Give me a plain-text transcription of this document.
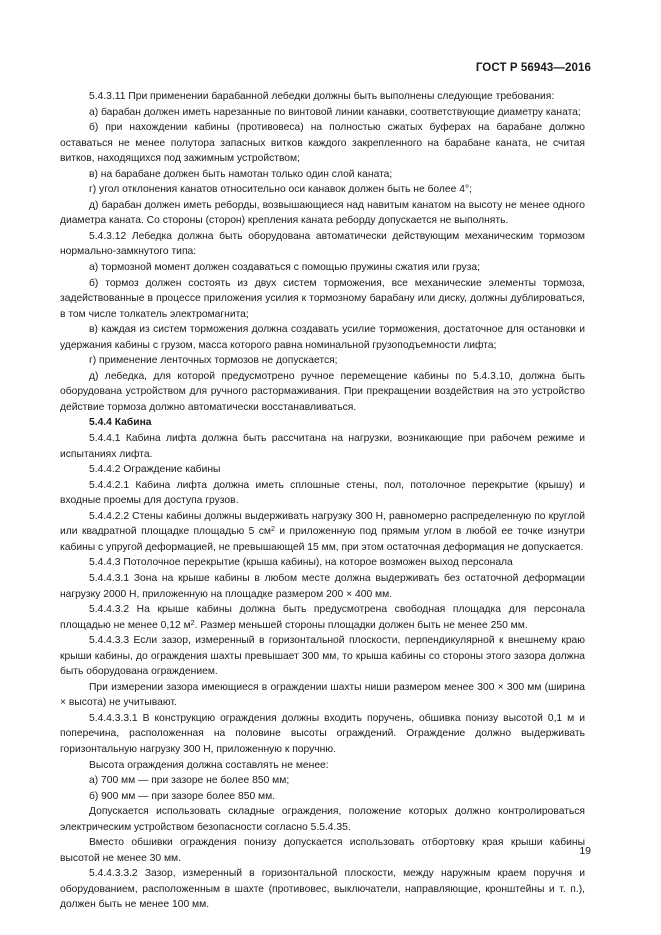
ГОСТ Р 56943—2016

5.4.3.11 При применении барабанной лебедки должны быть выполнены следующие требования:

а) барабан должен иметь нарезанные по винтовой линии канавки, соответствующие диаметру каната;

б) при нахождении кабины (противовеса) на полностью сжатых буферах на барабане должно оставаться не менее полутора запасных витков каждого закрепленного на барабане каната, не считая витков, находящихся под зажимным устройством;

в) на барабане должен быть намотан только один слой каната;

г) угол отклонения канатов относительно оси канавок должен быть не более 4°;

д) барабан должен иметь реборды, возвышающиеся над навитым канатом на высоту не менее одного диаметра каната. Со стороны (сторон) крепления каната реборду допускается не выполнять.

5.4.3.12 Лебедка должна быть оборудована автоматически действующим механическим тормозом нормально-замкнутого типа:

а) тормозной момент должен создаваться с помощью пружины сжатия или груза;

б) тормоз должен состоять из двух систем торможения, все механические элементы тормоза, задействованные в процессе приложения усилия к тормозному барабану или диску, должны дублироваться, в том числе толкатель электромагнита;

в) каждая из систем торможения должна создавать усилие торможения, достаточное для остановки и удержания кабины с грузом, масса которого равна номинальной грузоподъемности лифта;

г) применение ленточных тормозов не допускается;

д) лебедка, для которой предусмотрено ручное перемещение кабины по 5.4.3.10, должна быть оборудована устройством для ручного растормаживания. При прекращении воздействия на это устройство действие тормоза должно автоматически восстанавливаться.

5.4.4 Кабина

5.4.4.1 Кабина лифта должна быть рассчитана на нагрузки, возникающие при рабочем режиме и испытаниях лифта.

5.4.4.2 Ограждение кабины

5.4.4.2.1 Кабина лифта должна иметь сплошные стены, пол, потолочное перекрытие (крышу) и входные проемы для доступа грузов.

5.4.4.2.2 Стены кабины должны выдерживать нагрузку 300 Н, равномерно распределенную по круглой или квадратной площадке площадью 5 $см^2$ и приложенную под прямым углом в любой ее точке изнутри кабины с упругой деформацией, не превышающей 15 мм, при этом остаточная деформация не допускается.

5.4.4.3 Потолочное перекрытие (крыша кабины), на которое возможен выход персонала

5.4.4.3.1 Зона на крыше кабины в любом месте должна выдерживать без остаточной деформации нагрузку 2000 Н, приложенную на площадке размером 200 × 400 мм.

5.4.4.3.2 На крыше кабины должна быть предусмотрена свободная площадка для персонала площадью не менее 0,12 $м^2$. Размер меньшей стороны площадки должен быть не менее 250 мм.

5.4.4.3.3 Если зазор, измеренный в горизонтальной плоскости, перпендикулярной к внешнему краю крыши кабины, до ограждения шахты превышает 300 мм, то крыша кабины со стороны этого зазора должна быть оборудована ограждением.

При измерении зазора имеющиеся в ограждении шахты ниши размером менее 300 × 300 мм (ширина × высота) не учитывают.

5.4.4.3.3.1 В конструкцию ограждения должны входить поручень, обшивка понизу высотой 0,1 м и поперечина, расположенная на половине высоты ограждений. Ограждение должно выдерживать горизонтальную нагрузку 300 Н, приложенную к поручню.

Высота ограждения должна составлять не менее:

а) 700 мм — при зазоре не более 850 мм;

б) 900 мм — при зазоре более 850 мм.

Допускается использовать складные ограждения, положение которых должно контролироваться электрическим устройством безопасности согласно 5.5.4.35.

Вместо обшивки ограждения понизу допускается использовать отбортовку края крыши кабины высотой не менее 30 мм.

5.4.4.3.3.2 Зазор, измеренный в горизонтальной плоскости, между наружным краем поручня и оборудованием, расположенным в шахте (противовес, выключатели, направляющие, кронштейны и т. п.), должен быть не менее 100 мм.

19
